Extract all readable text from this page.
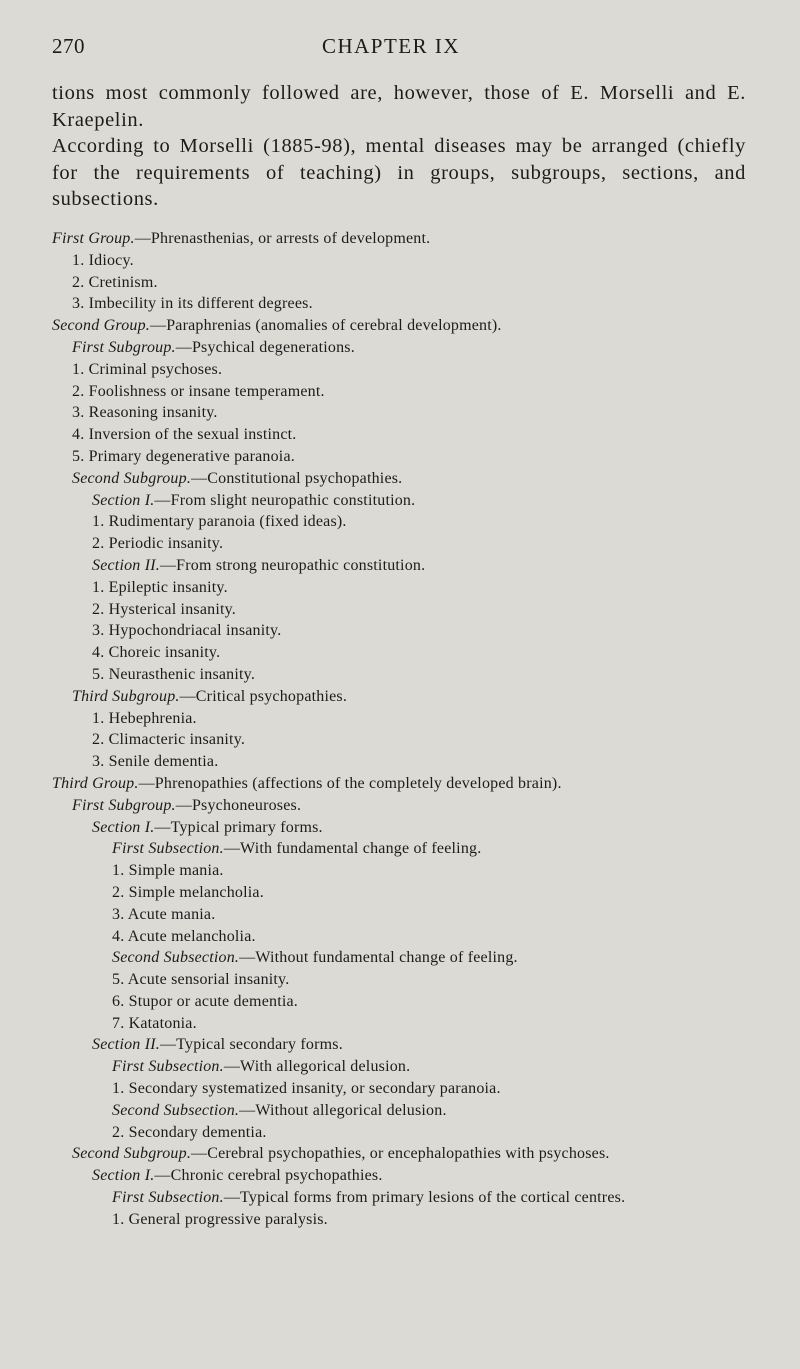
270	CHAPTER IX

tions most commonly followed are, however, those of E. Morselli and E. Kraepelin.

According to Morselli (1885-98), mental diseases may be arranged (chiefly for the requirements of teaching) in groups, subgroups, sections, and subsections.

First Group.—Phrenasthenias, or arrests of development.
1. Idiocy.
2. Cretinism.
3. Imbecility in its different degrees.
Second Group.—Paraphrenias (anomalies of cerebral development).
First Subgroup.—Psychical degenerations.
1. Criminal psychoses.
2. Foolishness or insane temperament.
3. Reasoning insanity.
4. Inversion of the sexual instinct.
5. Primary degenerative paranoia.
Second Subgroup.—Constitutional psychopathies.
Section I.—From slight neuropathic constitution.
1. Rudimentary paranoia (fixed ideas).
2. Periodic insanity.
Section II.—From strong neuropathic constitution.
1. Epileptic insanity.
2. Hysterical insanity.
3. Hypochondriacal insanity.
4. Choreic insanity.
5. Neurasthenic insanity.
Third Subgroup.—Critical psychopathies.
1. Hebephrenia.
2. Climacteric insanity.
3. Senile dementia.
Third Group.—Phrenopathies (affections of the completely developed brain).
First Subgroup.—Psychoneuroses.
Section I.—Typical primary forms.
First Subsection.—With fundamental change of feeling.
1. Simple mania.
2. Simple melancholia.
3. Acute mania.
4. Acute melancholia.
Second Subsection.—Without fundamental change of feeling.
5. Acute sensorial insanity.
6. Stupor or acute dementia.
7. Katatonia.
Section II.—Typical secondary forms.
First Subsection.—With allegorical delusion.
1. Secondary systematized insanity, or secondary paranoia.
Second Subsection.—Without allegorical delusion.
2. Secondary dementia.
Second Subgroup.—Cerebral psychopathies, or encephalopathies with psychoses.
Section I.—Chronic cerebral psychopathies.
First Subsection.—Typical forms from primary lesions of the cortical centres.
1. General progressive paralysis.
